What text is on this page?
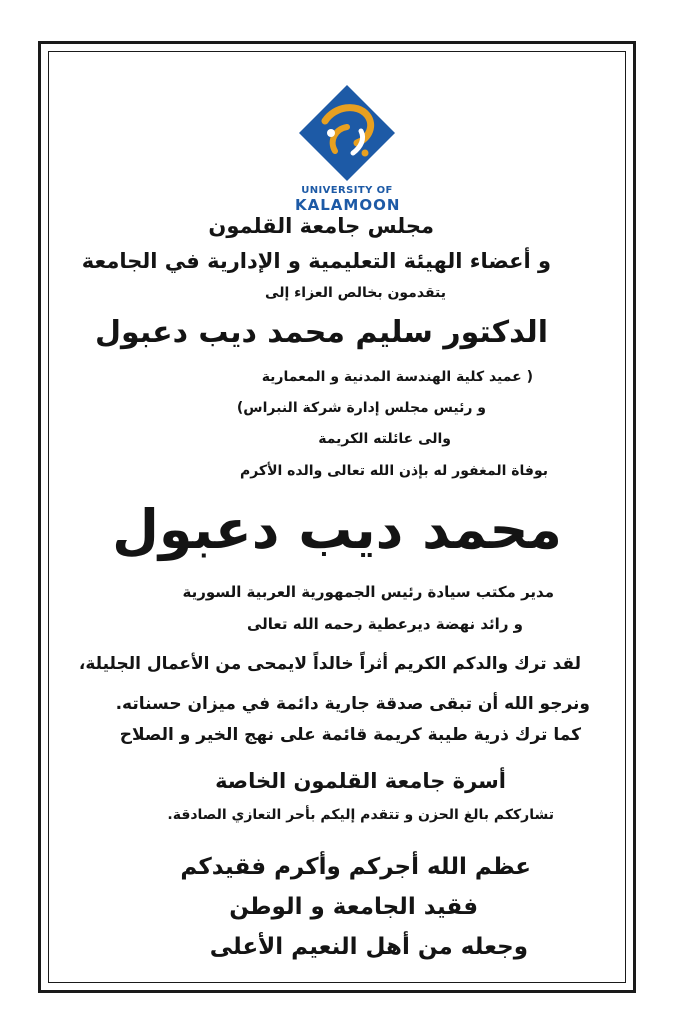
UNIVERSITY OF
KALAMOON
مجلس جامعة القلمون
و أعضاء الهيئة التعليمية و الإدارية في الجامعة
يتقدمون بخالص العزاء إلى
الدكتور سليم محمد ديب دعبول
( عميد كلية الهندسة المدنية و المعمارية
و رئيس مجلس إدارة شركة النبراس)
والى عائلته الكريمة
بوفاة المغفور له بإذن الله تعالى والده الأكرم
محمد ديب دعبول
مدير مكتب سيادة رئيس الجمهورية العربية السورية
و رائد نهضة ديرعطية رحمه الله تعالى
لقد ترك والدكم الكريم أثراً خالداً لايمحى من الأعمال الجليلة،
ونرجو الله أن تبقى صدقة جارية دائمة في ميزان حسناته.
كما ترك ذرية طيبة كريمة قائمة على نهج الخير و الصلاح
أسرة جامعة القلمون الخاصة
تشارككم بالغ الحزن و تتقدم إليكم بأحر التعازي الصادقة.
عظم الله أجركم وأكرم فقيدكم
فقيد الجامعة و الوطن
وجعله من أهل النعيم الأعلى
